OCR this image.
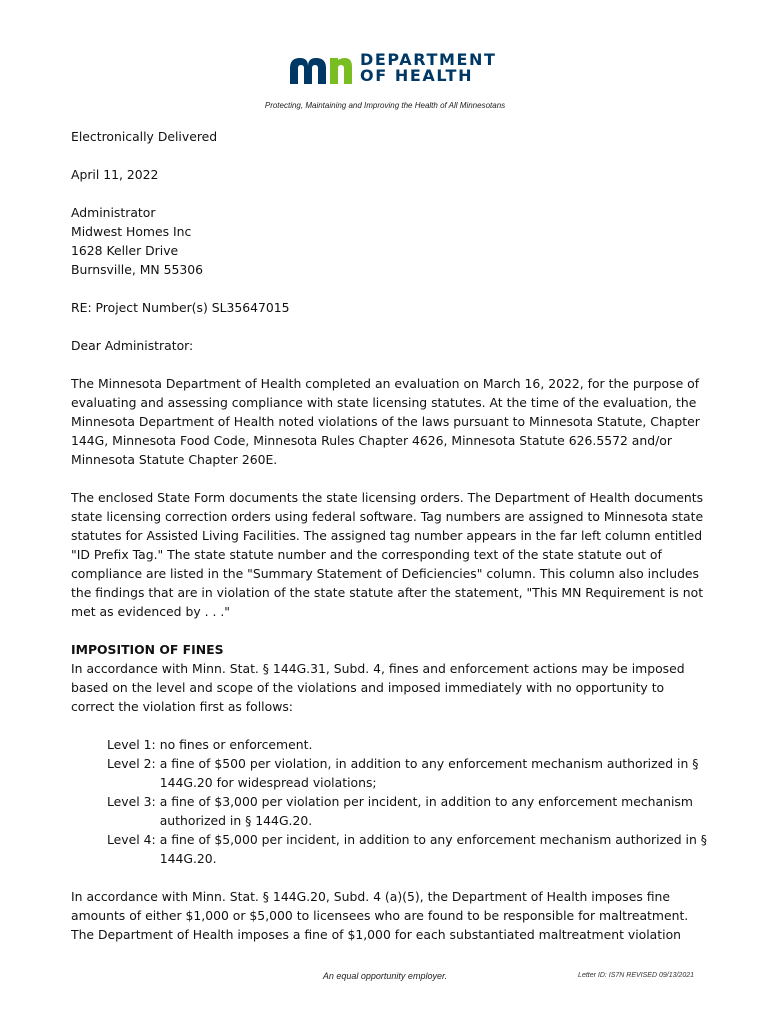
DEPARTMENT
OF HEALTH
Protecting, Maintaining and Improving the Health of All Minnesotans

Electronically Delivered

April 11, 2022

Administrator
Midwest Homes Inc
1628 Keller Drive
Burnsville, MN 55306

RE: Project Number(s) SL35647015

Dear Administrator:

The Minnesota Department of Health completed an evaluation on March 16, 2022, for the purpose of evaluating and assessing compliance with state licensing statutes. At the time of the evaluation, the Minnesota Department of Health noted violations of the laws pursuant to Minnesota Statute, Chapter 144G, Minnesota Food Code, Minnesota Rules Chapter 4626, Minnesota Statute 626.5572 and/or Minnesota Statute Chapter 260E.

The enclosed State Form documents the state licensing orders. The Department of Health documents state licensing correction orders using federal software. Tag numbers are assigned to Minnesota state statutes for Assisted Living Facilities. The assigned tag number appears in the far left column entitled "ID Prefix Tag." The state statute number and the corresponding text of the state statute out of compliance are listed in the "Summary Statement of Deficiencies" column. This column also includes the findings that are in violation of the state statute after the statement, "This MN Requirement is not met as evidenced by . . ."

IMPOSITION OF FINES

In accordance with Minn. Stat. § 144G.31, Subd. 4, fines and enforcement actions may be imposed based on the level and scope of the violations and imposed immediately with no opportunity to correct the violation first as follows:

Level 1: no fines or enforcement.
Level 2: a fine of $500 per violation, in addition to any enforcement mechanism authorized in § 144G.20 for widespread violations;
Level 3: a fine of $3,000 per violation per incident, in addition to any enforcement mechanism authorized in § 144G.20.
Level 4: a fine of $5,000 per incident, in addition to any enforcement mechanism authorized in § 144G.20.

In accordance with Minn. Stat. § 144G.20, Subd. 4 (a)(5), the Department of Health imposes fine amounts of either $1,000 or $5,000 to licensees who are found to be responsible for maltreatment. The Department of Health imposes a fine of $1,000 for each substantiated maltreatment violation

An equal opportunity employer.	Letter ID: IS7N REVISED 09/13/2021
